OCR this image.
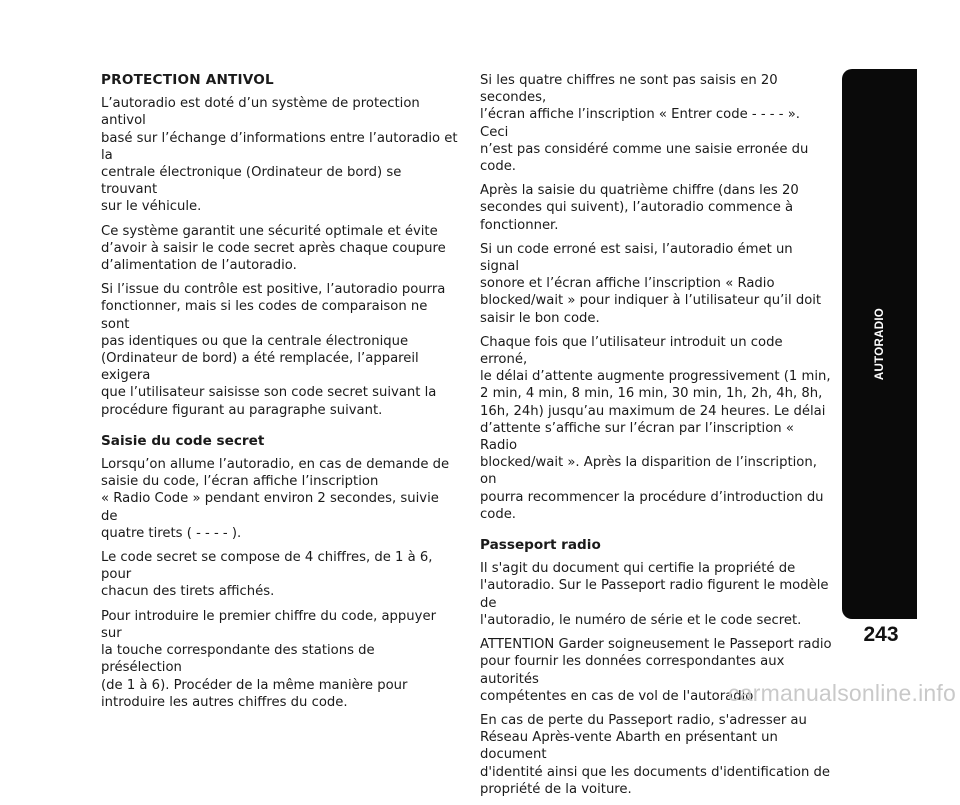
PROTECTION ANTIVOL

L’autoradio est doté d’un système de protection antivol
basé sur l’échange d’informations entre l’autoradio et la
centrale électronique (Ordinateur de bord) se trouvant
sur le véhicule.

Ce système garantit une sécurité optimale et évite
d’avoir à saisir le code secret après chaque coupure
d’alimentation de l’autoradio.

Si l’issue du contrôle est positive, l’autoradio pourra
fonctionner, mais si les codes de comparaison ne sont
pas identiques ou que la centrale électronique
(Ordinateur de bord) a été remplacée, l’appareil exigera
que l’utilisateur saisisse son code secret suivant la
procédure figurant au paragraphe suivant.

Saisie du code secret

Lorsqu’on allume l’autoradio, en cas de demande de
saisie du code, l’écran affiche l’inscription
« Radio Code » pendant environ 2 secondes, suivie de
quatre tirets ( - - - - ).

Le code secret se compose de 4 chiffres, de 1 à 6, pour
chacun des tirets affichés.

Pour introduire le premier chiffre du code, appuyer sur
la touche correspondante des stations de présélection
(de 1 à 6). Procéder de la même manière pour
introduire les autres chiffres du code.

Si les quatre chiffres ne sont pas saisis en 20 secondes,
l’écran affiche l’inscription « Entrer code - - - - ». Ceci
n’est pas considéré comme une saisie erronée du code.

Après la saisie du quatrième chiffre (dans les 20
secondes qui suivent), l’autoradio commence à
fonctionner.

Si un code erroné est saisi, l’autoradio émet un signal
sonore et l’écran affiche l’inscription « Radio
blocked/wait » pour indiquer à l’utilisateur qu’il doit
saisir le bon code.

Chaque fois que l’utilisateur introduit un code erroné,
le délai d’attente augmente progressivement (1 min,
2 min, 4 min, 8 min, 16 min, 30 min, 1h, 2h, 4h, 8h,
16h, 24h) jusqu’au maximum de 24 heures. Le délai
d’attente s’affiche sur l’écran par l’inscription « Radio
blocked/wait ». Après la disparition de l’inscription, on
pourra recommencer la procédure d’introduction du
code.

Passeport radio

Il s'agit du document qui certifie la propriété de
l'autoradio. Sur le Passeport radio figurent le modèle de
l'autoradio, le numéro de série et le code secret.

ATTENTION Garder soigneusement le Passeport radio
pour fournir les données correspondantes aux autorités
compétentes en cas de vol de l'autoradio.

En cas de perte du Passeport radio, s'adresser au
Réseau Après-vente Abarth en présentant un document
d'identité ainsi que les documents d'identification de
propriété de la voiture.

AUTORADIO
243
carmanualsonline.info
